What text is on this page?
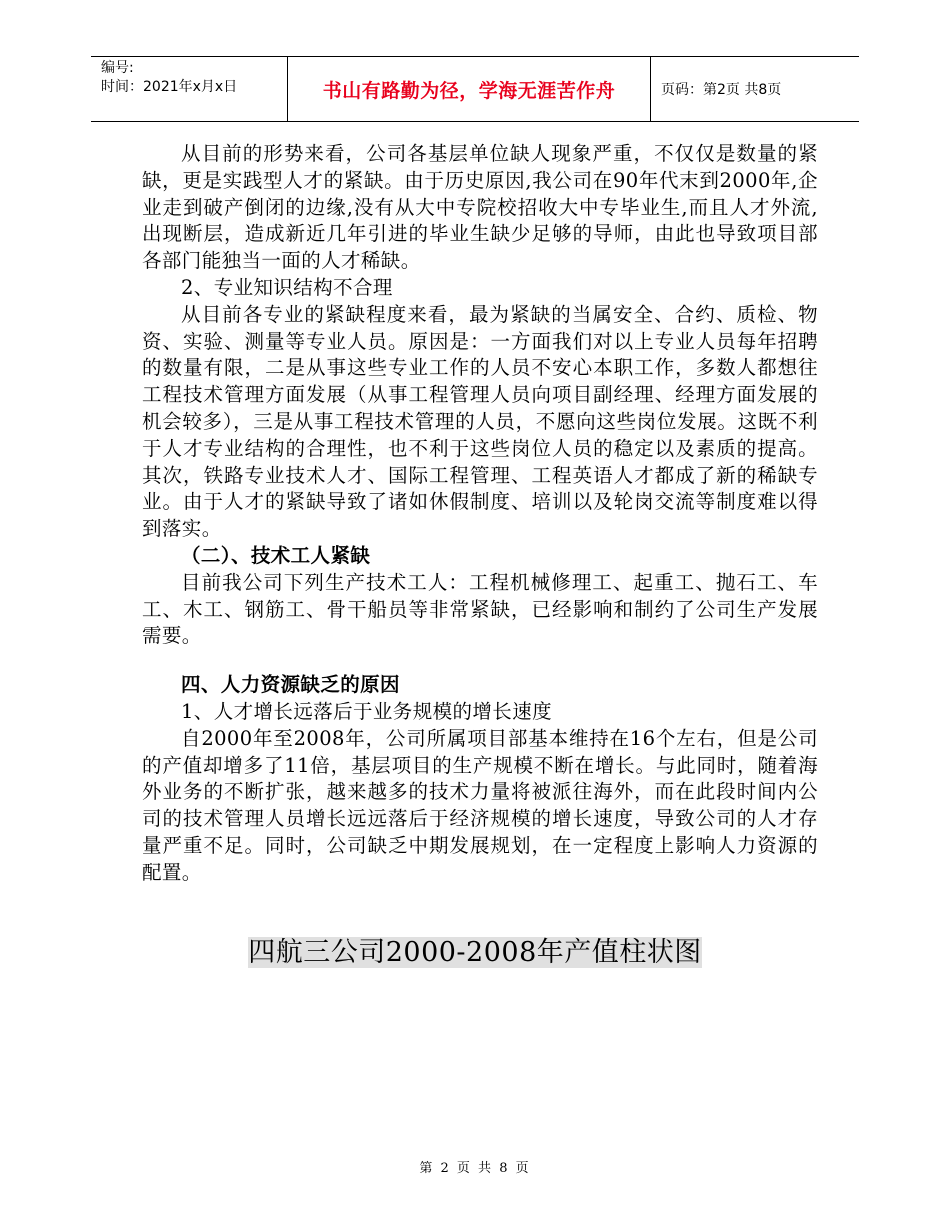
编号:
时间：2021年x月x日	书山有路勤为径，学海无涯苦作舟	页码：第2页 共8页

从目前的形势来看，公司各基层单位缺人现象严重，不仅仅是数量的紧缺，更是实践型人才的紧缺。由于历史原因,我公司在90年代末到2000年,企业走到破产倒闭的边缘,没有从大中专院校招收大中专毕业生,而且人才外流,出现断层，造成新近几年引进的毕业生缺少足够的导师，由此也导致项目部各部门能独当一面的人才稀缺。

2、专业知识结构不合理

从目前各专业的紧缺程度来看，最为紧缺的当属安全、合约、质检、物资、实验、测量等专业人员。原因是：一方面我们对以上专业人员每年招聘的数量有限，二是从事这些专业工作的人员不安心本职工作，多数人都想往工程技术管理方面发展（从事工程管理人员向项目副经理、经理方面发展的机会较多），三是从事工程技术管理的人员，不愿向这些岗位发展。这既不利于人才专业结构的合理性，也不利于这些岗位人员的稳定以及素质的提高。其次，铁路专业技术人才、国际工程管理、工程英语人才都成了新的稀缺专业。由于人才的紧缺导致了诸如休假制度、培训以及轮岗交流等制度难以得到落实。

（二）、技术工人紧缺

目前我公司下列生产技术工人：工程机械修理工、起重工、抛石工、车工、木工、钢筋工、骨干船员等非常紧缺，已经影响和制约了公司生产发展需要。

四、人力资源缺乏的原因

1、人才增长远落后于业务规模的增长速度

自2000年至2008年，公司所属项目部基本维持在16个左右，但是公司的产值却增多了11倍，基层项目的生产规模不断在增长。与此同时，随着海外业务的不断扩张，越来越多的技术力量将被派往海外，而在此段时间内公司的技术管理人员增长远远落后于经济规模的增长速度，导致公司的人才存量严重不足。同时，公司缺乏中期发展规划，在一定程度上影响人力资源的配置。

四航三公司2000-2008年产值柱状图
第 2 页 共 8 页
